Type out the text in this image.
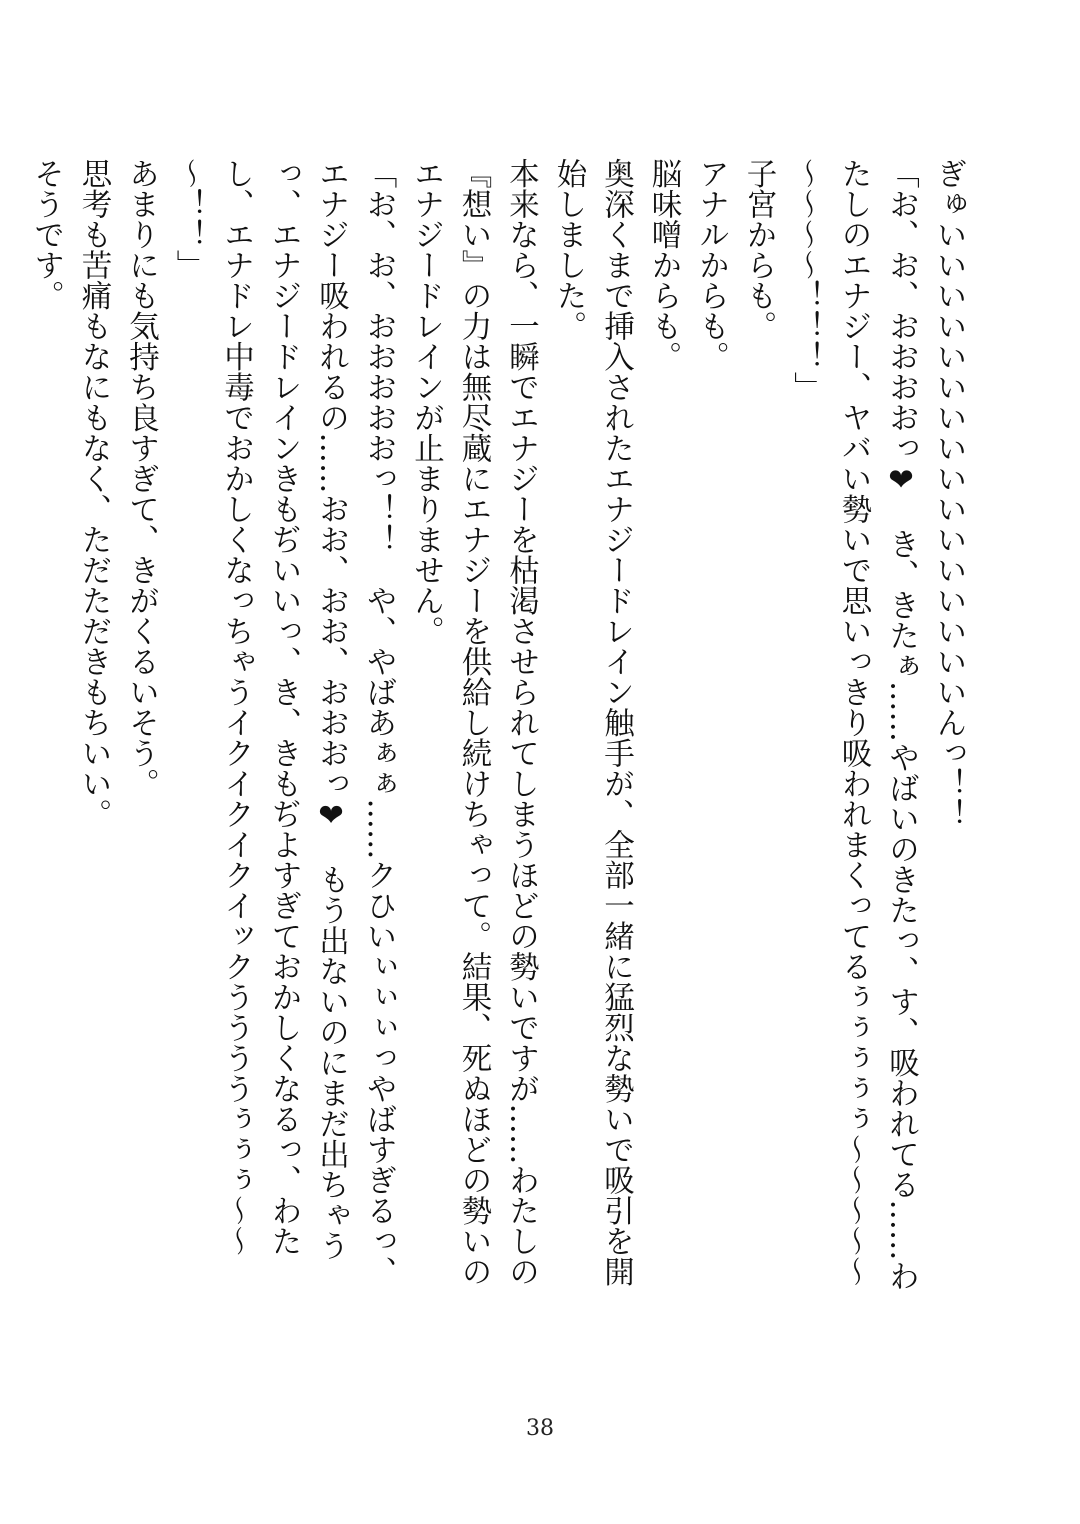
ぎゅいいいいいいいいいいいいいいいいんっ！！

「お、お、おおおおっ❤　き、きたぁ……やばいのきたっ、す、吸われてる……わたしのエナジー、ヤバい勢いで思いっきり吸われまくってるぅぅぅぅぅ～～～～～～～～～！！！」

子宮からも。

アナルからも。

脳味噌からも。

奥深くまで挿入されたエナジードレイン触手が、全部一緒に猛烈な勢いで吸引を開始しました。

本来なら、一瞬でエナジーを枯渇させられてしまうほどの勢いですが……わたしの『想い』の力は無尽蔵にエナジーを供給し続けちゃって。結果、死ぬほどの勢いのエナジードレインが止まりません。

「お、お、おおおおおっ！！　や、やばあぁぁ……クひいぃぃぃっやばすぎるっ、エナジー吸われるの……おお、おお、おおおっ❤　もう出ないのにまだ出ちゃうっ、エナジードレインきもぢいいっ、き、きもぢよすぎておかしくなるっ、わたし、エナドレ中毒でおかしくなっちゃうイクイクイクイックううううぅぅぅ～～～！！」

あまりにも気持ち良すぎて、きがくるいそう。

思考も苦痛もなにもなく、ただただきもちいい。

そうです。

38
